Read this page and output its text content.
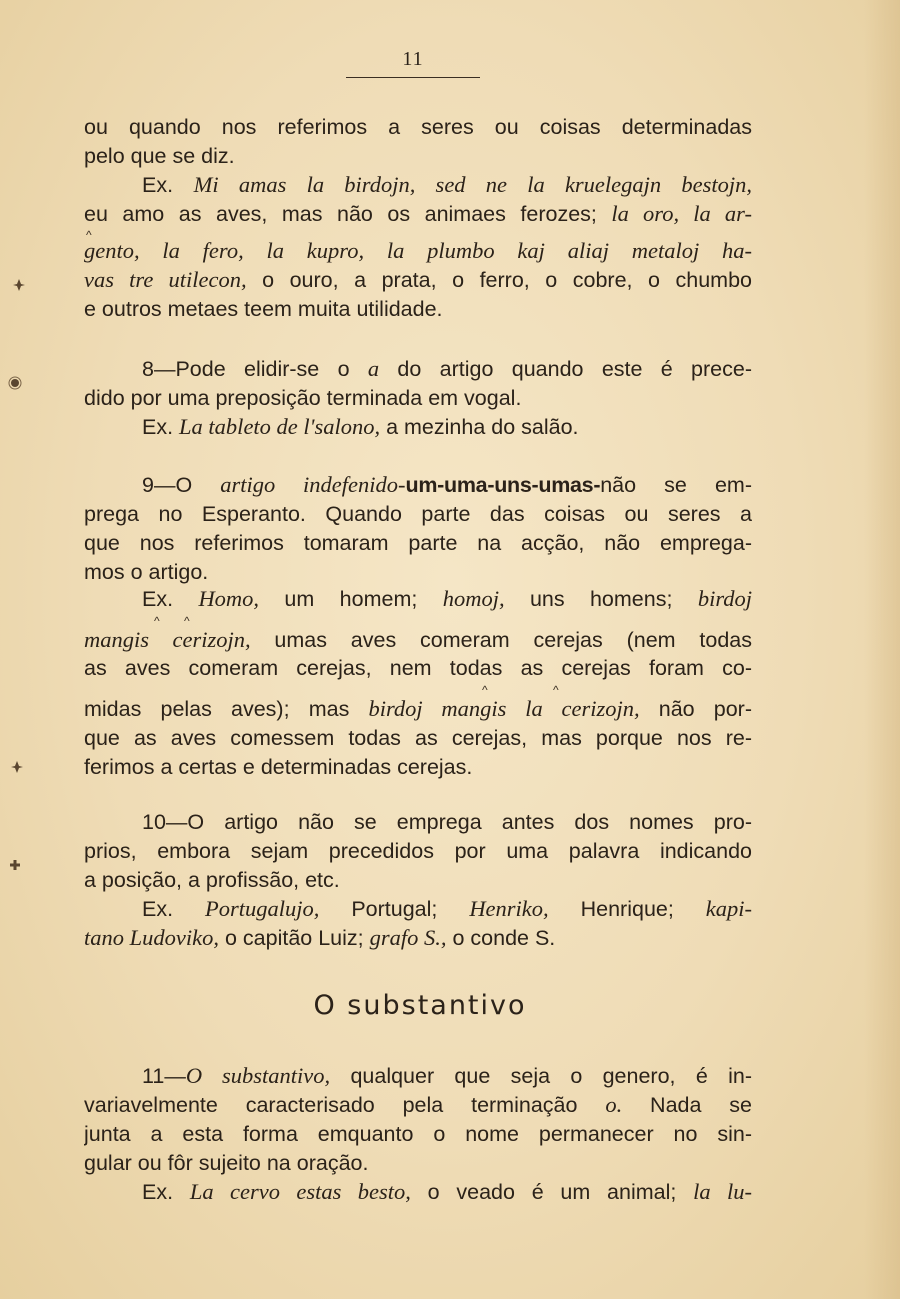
11
ou quando nos referimos a seres ou coisas determinadas
pelo que se diz.
Ex. Mi amas la birdojn, sed ne la kruelegajn bestojn,
eu amo as aves, mas não os animaes ferozes; la oro, la ar-
gento, la fero, la kupro, la plumbo kaj aliaj metaloj ha-
vas tre utilecon, o ouro, a prata, o ferro, o cobre, o chumbo
e outros metaes teem muita utilidade.
8—Pode elidir-se o a do artigo quando este é prece-
dido por uma preposição terminada em vogal.
Ex. La tableto de l'salono, a mezinha do salão.
9—O artigo indefenido-um-uma-uns-umas-não se em-
prega no Esperanto. Quando parte das coisas ou seres a
que nos referimos tomaram parte na acção, não emprega-
mos o artigo.
Ex. Homo, um homem; homoj, uns homens; birdoj
mangis cerizojn, umas aves comeram cerejas (nem todas
as aves comeram cerejas, nem todas as cerejas foram co-
midas pelas aves); mas birdoj mangis la cerizojn, não por-
que as aves comessem todas as cerejas, mas porque nos re-
ferimos a certas e determinadas cerejas.
10—O artigo não se emprega antes dos nomes pro-
prios, embora sejam precedidos por uma palavra indicando
a posição, a profissão, etc.
Ex. Portugalujo, Portugal; Henriko, Henrique; kapi-
tano Ludoviko, o capitão Luiz; grafo S., o conde S.
O substantivo
11—O substantivo, qualquer que seja o genero, é in-
variavelmente caracterisado pela terminação o. Nada se
junta a esta forma emquanto o nome permanecer no sin-
gular ou fôr sujeito na oração.
Ex. La cervo estas besto, o veado é um animal; la lu-
^
^ ^
^	^
